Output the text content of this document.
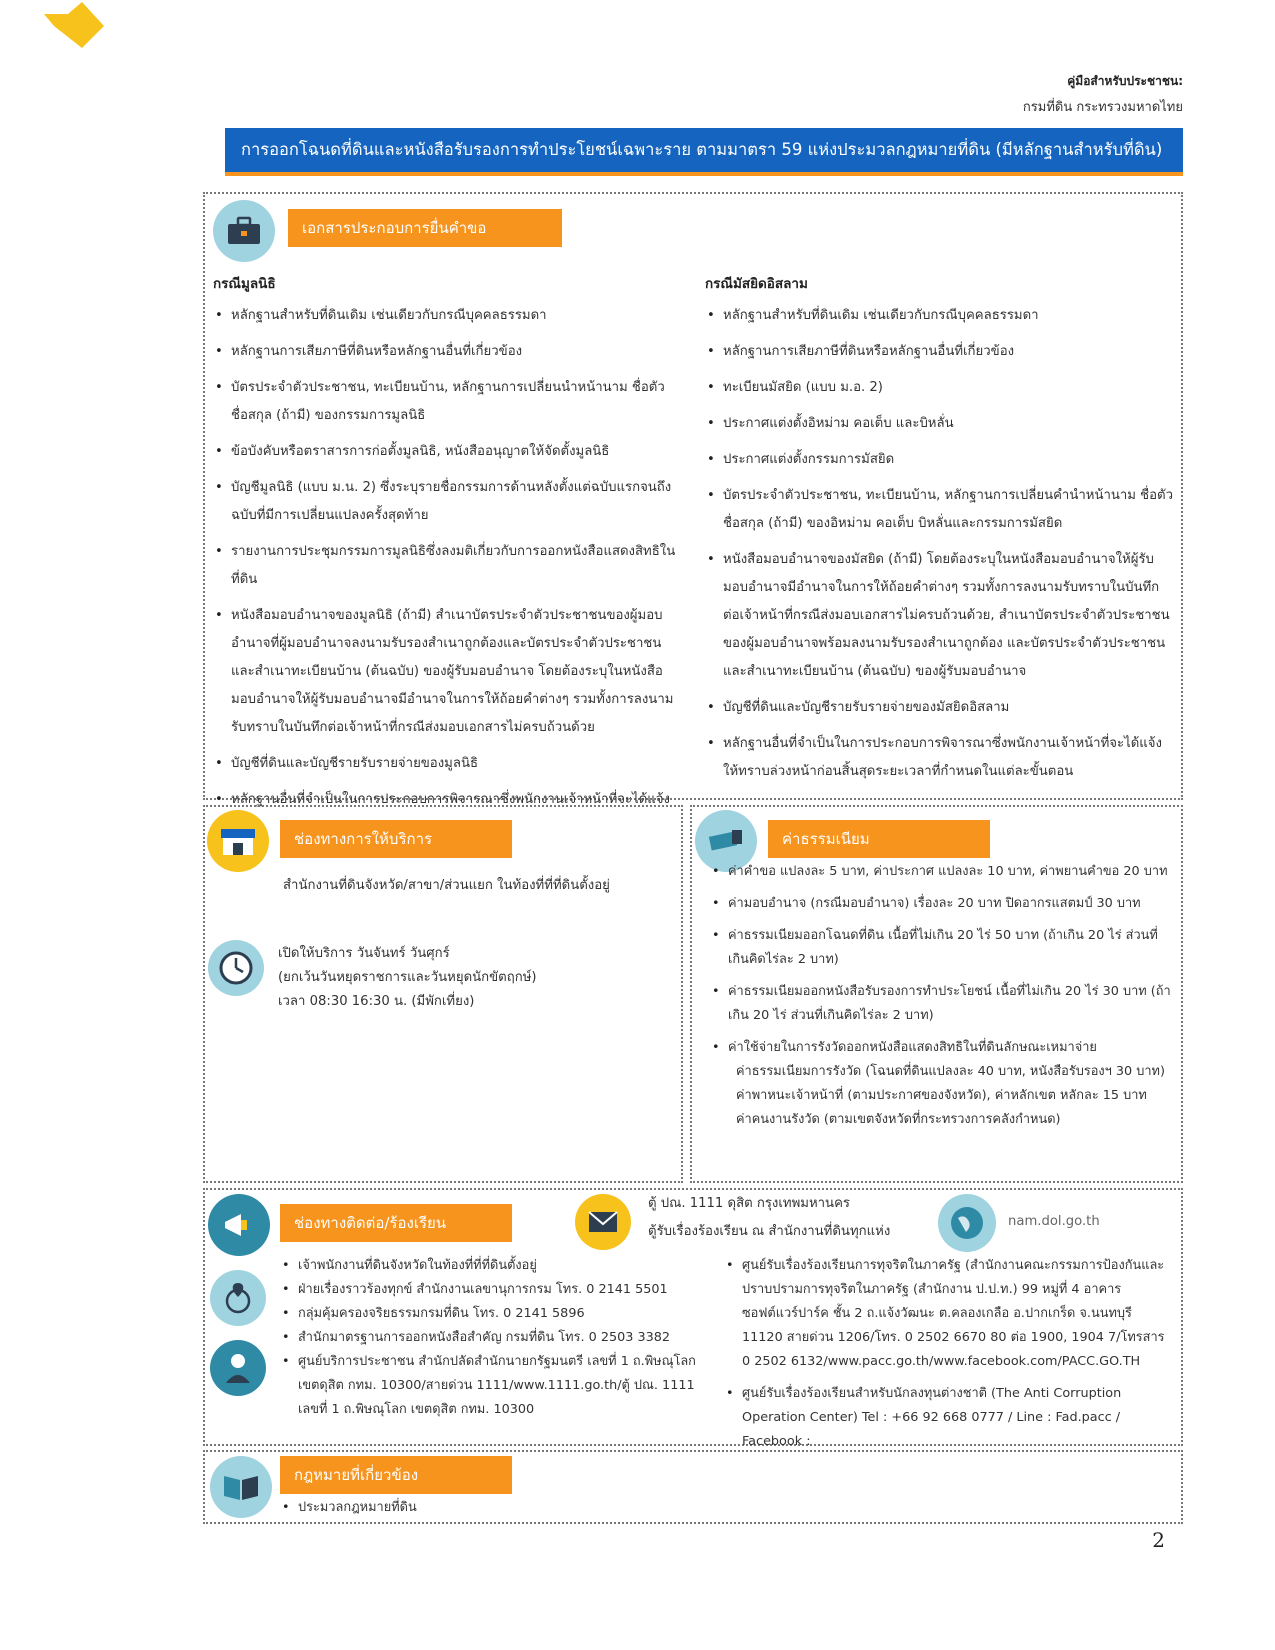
คู่มือสำหรับประชาชน:
กรมที่ดิน กระทรวงมหาดไทย
การออกโฉนดที่ดินและหนังสือรับรองการทำประโยชน์เฉพาะราย ตามมาตรา 59 แห่งประมวลกฎหมายที่ดิน (มีหลักฐานสำหรับที่ดิน)
เอกสารประกอบการยื่นคำขอ
กรณีมูลนิธิ	กรณีมัสยิดอิสลาม
• หลักฐานสำหรับที่ดินเดิม เช่นเดียวกับกรณีบุคคลธรรมดา
• หลักฐานการเสียภาษีที่ดินหรือหลักฐานอื่นที่เกี่ยวข้อง
• บัตรประจำตัวประชาชน, ทะเบียนบ้าน, หลักฐานการเปลี่ยนนำหน้านาม ชื่อตัว ชื่อสกุล (ถ้ามี) ของกรรมการมูลนิธิ
• ข้อบังคับหรือตราสารการก่อตั้งมูลนิธิ, หนังสืออนุญาตให้จัดตั้งมูลนิธิ
• บัญชีมูลนิธิ (แบบ ม.น. 2) ซึ่งระบุรายชื่อกรรมการด้านหลังตั้งแต่ฉบับแรกจนถึงฉบับที่มีการเปลี่ยนแปลงครั้งสุดท้าย
• รายงานการประชุมกรรมการมูลนิธิซึ่งลงมติเกี่ยวกับการออกหนังสือแสดงสิทธิในที่ดิน
• หนังสือมอบอำนาจของมูลนิธิ (ถ้ามี) สำเนาบัตรประจำตัวประชาชนของผู้มอบอำนาจที่ผู้มอบอำนาจลงนามรับรองสำเนาถูกต้องและบัตรประจำตัวประชาชนและสำเนาทะเบียนบ้าน (ต้นฉบับ) ของผู้รับมอบอำนาจ โดยต้องระบุในหนังสือมอบอำนาจให้ผู้รับมอบอำนาจมีอำนาจในการให้ถ้อยคำต่างๆ รวมทั้งการลงนามรับทราบในบันทึกต่อเจ้าหน้าที่กรณีส่งมอบเอกสารไม่ครบถ้วนด้วย
• บัญชีที่ดินและบัญชีรายรับรายจ่ายของมูลนิธิ
• หลักฐานอื่นที่จำเป็นในการประกอบการพิจารณาซึ่งพนักงานเจ้าหน้าที่จะได้แจ้ง
• หลักฐานสำหรับที่ดินเดิม เช่นเดียวกับกรณีบุคคลธรรมดา
• หลักฐานการเสียภาษีที่ดินหรือหลักฐานอื่นที่เกี่ยวข้อง
• ทะเบียนมัสยิด (แบบ ม.อ. 2)
• ประกาศแต่งตั้งอิหม่าม คอเต็บ และบิหลั่น
• ประกาศแต่งตั้งกรรมการมัสยิด
• บัตรประจำตัวประชาชน, ทะเบียนบ้าน, หลักฐานการเปลี่ยนคำนำหน้านาม ชื่อตัว ชื่อสกุล (ถ้ามี) ของอิหม่าม คอเต็บ บิหลั่นและกรรมการมัสยิด
• หนังสือมอบอำนาจของมัสยิด (ถ้ามี) โดยต้องระบุในหนังสือมอบอำนาจให้ผู้รับมอบอำนาจมีอำนาจในการให้ถ้อยคำต่างๆ รวมทั้งการลงนามรับทราบในบันทึกต่อเจ้าหน้าที่กรณีส่งมอบเอกสารไม่ครบถ้วนด้วย, สำเนาบัตรประจำตัวประชาชนของผู้มอบอำนาจพร้อมลงนามรับรองสำเนาถูกต้อง และบัตรประจำตัวประชาชนและสำเนาทะเบียนบ้าน (ต้นฉบับ) ของผู้รับมอบอำนาจ
• บัญชีที่ดินและบัญชีรายรับรายจ่ายของมัสยิดอิสลาม
• หลักฐานอื่นที่จำเป็นในการประกอบการพิจารณาซึ่งพนักงานเจ้าหน้าที่จะได้แจ้งให้ทราบล่วงหน้าก่อนสิ้นสุดระยะเวลาที่กำหนดในแต่ละขั้นตอน
ช่องทางการให้บริการ
สำนักงานที่ดินจังหวัด/สาขา/ส่วนแยก ในท้องที่ที่ที่ดินตั้งอยู่
เปิดให้บริการ วันจันทร์ วันศุกร์
(ยกเว้นวันหยุดราชการและวันหยุดนักขัตฤกษ์)
เวลา 08:30 16:30 น. (มีพักเที่ยง)
ค่าธรรมเนียม
• ค่าคำขอ แปลงละ 5 บาท, ค่าประกาศ แปลงละ 10 บาท, ค่าพยานคำขอ 20 บาท
• ค่ามอบอำนาจ (กรณีมอบอำนาจ) เรื่องละ 20 บาท ปิดอากรแสตมป์ 30 บาท
• ค่าธรรมเนียมออกโฉนดที่ดิน เนื้อที่ไม่เกิน 20 ไร่ 50 บาท (ถ้าเกิน 20 ไร่ ส่วนที่เกินคิดไร่ละ 2 บาท)
• ค่าธรรมเนียมออกหนังสือรับรองการทำประโยชน์ เนื้อที่ไม่เกิน 20 ไร่ 30 บาท (ถ้าเกิน 20 ไร่ ส่วนที่เกินคิดไร่ละ 2 บาท)
• ค่าใช้จ่ายในการรังวัดออกหนังสือแสดงสิทธิในที่ดินลักษณะเหมาจ่าย
ค่าธรรมเนียมการรังวัด (โฉนดที่ดินแปลงละ 40 บาท, หนังสือรับรองฯ 30 บาท)
ค่าพาหนะเจ้าหน้าที่ (ตามประกาศของจังหวัด), ค่าหลักเขต หลักละ 15 บาท
ค่าคนงานรังวัด (ตามเขตจังหวัดที่กระทรวงการคลังกำหนด)
ช่องทางติดต่อ/ร้องเรียน
ตู้ ปณ. 1111 ดุสิต กรุงเทพมหานคร
ตู้รับเรื่องร้องเรียน ณ สำนักงานที่ดินทุกแห่ง
nam.dol.go.th
• เจ้าพนักงานที่ดินจังหวัดในท้องที่ที่ที่ดินตั้งอยู่
• ฝ่ายเรื่องราวร้องทุกข์ สำนักงานเลขานุการกรม โทร. 0 2141 5501
• กลุ่มคุ้มครองจริยธรรมกรมที่ดิน โทร. 0 2141 5896
• สำนักมาตรฐานการออกหนังสือสำคัญ กรมที่ดิน โทร. 0 2503 3382
• ศูนย์บริการประชาชน สำนักปลัดสำนักนายกรัฐมนตรี เลขที่ 1 ถ.พิษณุโลก เขตดุสิต กทม. 10300/สายด่วน 1111/www.1111.go.th/ตู้ ปณ. 1111 เลขที่ 1 ถ.พิษณุโลก เขตดุสิต กทม. 10300
• ศูนย์รับเรื่องร้องเรียนการทุจริตในภาครัฐ (สำนักงานคณะกรรมการป้องกันและปราบปรามการทุจริตในภาครัฐ (สำนักงาน ป.ป.ท.) 99 หมู่ที่ 4 อาคารซอฟต์แวร์ปาร์ค ชั้น 2 ถ.แจ้งวัฒนะ ต.คลองเกลือ อ.ปากเกร็ด จ.นนทบุรี 11120 สายด่วน 1206/โทร. 0 2502 6670 80 ต่อ 1900, 1904 7/โทรสาร 0 2502 6132/www.pacc.go.th/www.facebook.com/PACC.GO.TH
• ศูนย์รับเรื่องร้องเรียนสำหรับนักลงทุนต่างชาติ (The Anti Corruption Operation Center) Tel : +66 92 668 0777 / Line : Fad.pacc / Facebook :
กฎหมายที่เกี่ยวข้อง
• ประมวลกฎหมายที่ดิน
2
